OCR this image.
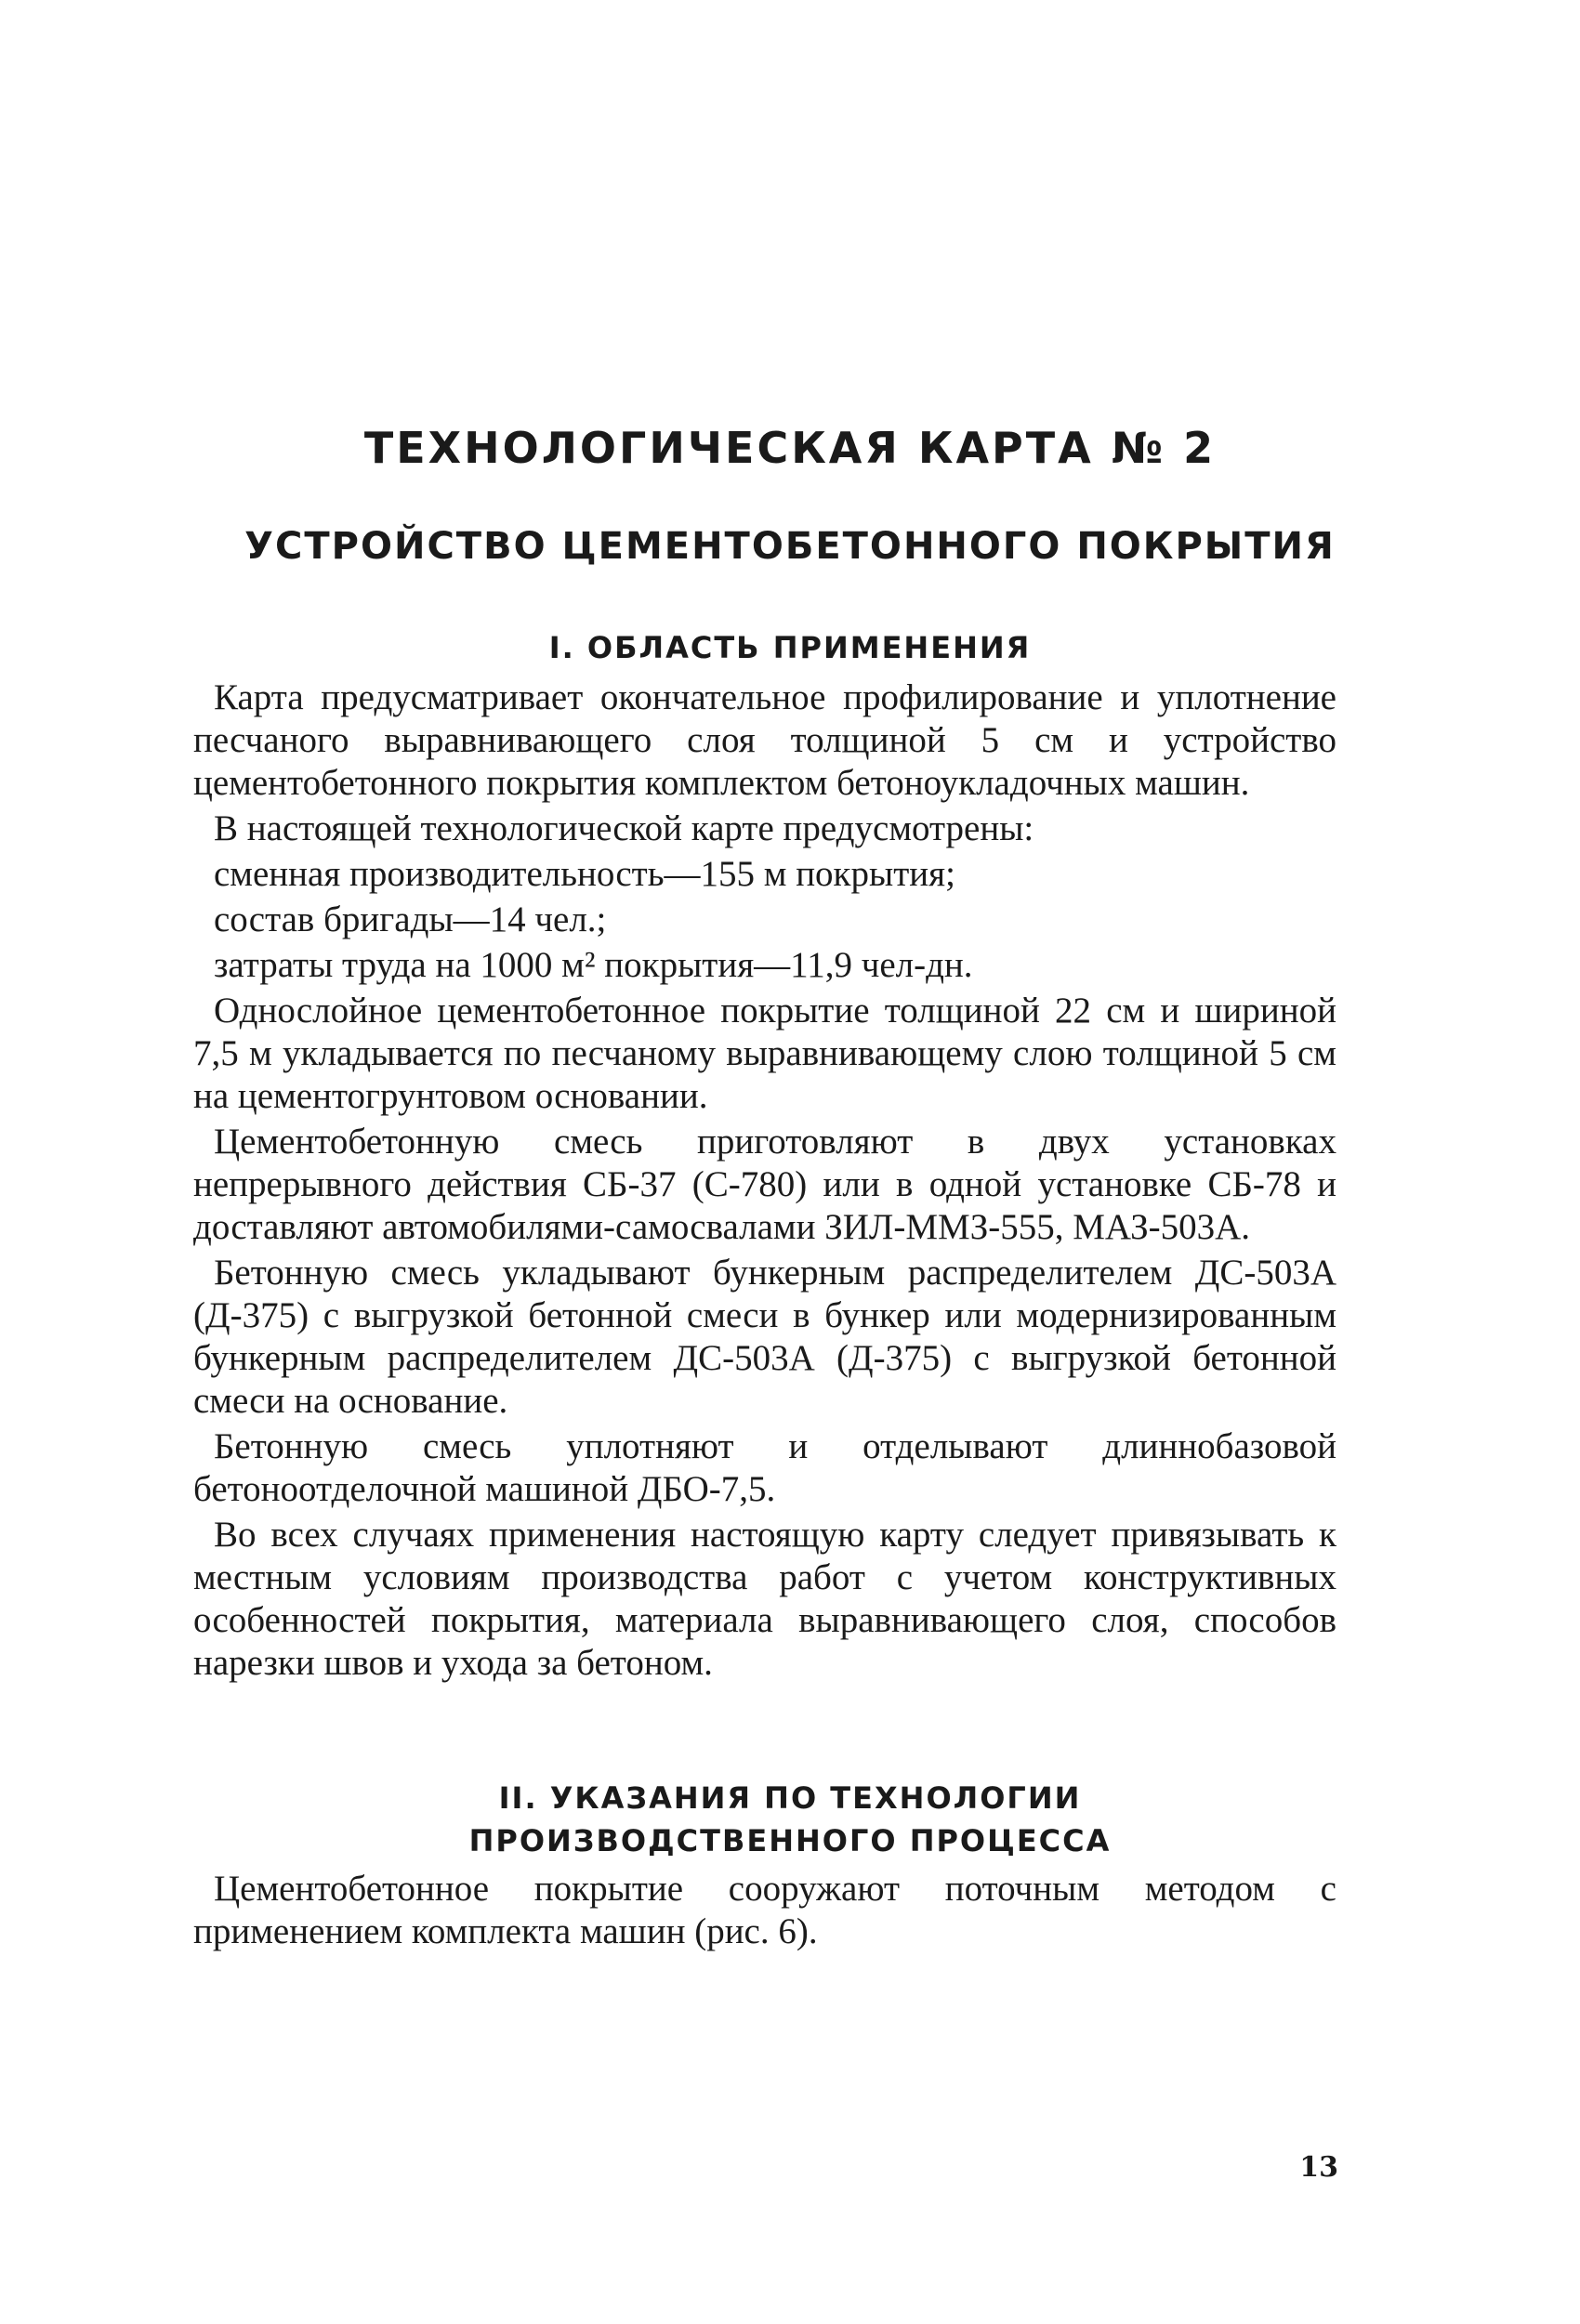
ТЕХНОЛОГИЧЕСКАЯ КАРТА № 2
УСТРОЙСТВО ЦЕМЕНТОБЕТОННОГО ПОКРЫТИЯ
I. ОБЛАСТЬ ПРИМЕНЕНИЯ

Карта предусматривает окончательное профилирование и уплотнение песчаного выравнивающего слоя толщиной 5 см и устройство цементобетонного покрытия комплектом бетоноукладочных машин.

В настоящей технологической карте предусмотрены:

сменная производительность—155 м покрытия;

состав бригады—14 чел.;

затраты труда на 1000 м² покрытия—11,9 чел-дн.

Однослойное цементобетонное покрытие толщиной 22 см и шириной 7,5 м укладывается по песчаному выравнивающему слою толщиной 5 см на цементогрунтовом основании.

Цементобетонную смесь приготовляют в двух установках непрерывного действия СБ-37 (С-780) или в одной установке СБ-78 и доставляют автомобилями-самосвалами ЗИЛ-ММЗ-555, МАЗ-503А.

Бетонную смесь укладывают бункерным распределителем ДС-503А (Д-375) с выгрузкой бетонной смеси в бункер или модернизированным бункерным распределителем ДС-503А (Д-375) с выгрузкой бетонной смеси на основание.

Бетонную смесь уплотняют и отделывают длиннобазовой бетоноотделочной машиной ДБО-7,5.

Во всех случаях применения настоящую карту следует привязывать к местным условиям производства работ с учетом конструктивных особенностей покрытия, материала выравнивающего слоя, способов нарезки швов и ухода за бетоном.

II. УКАЗАНИЯ ПО ТЕХНОЛОГИИ
ПРОИЗВОДСТВЕННОГО ПРОЦЕССА

Цементобетонное покрытие сооружают поточным методом с применением комплекта машин (рис. 6).

13
